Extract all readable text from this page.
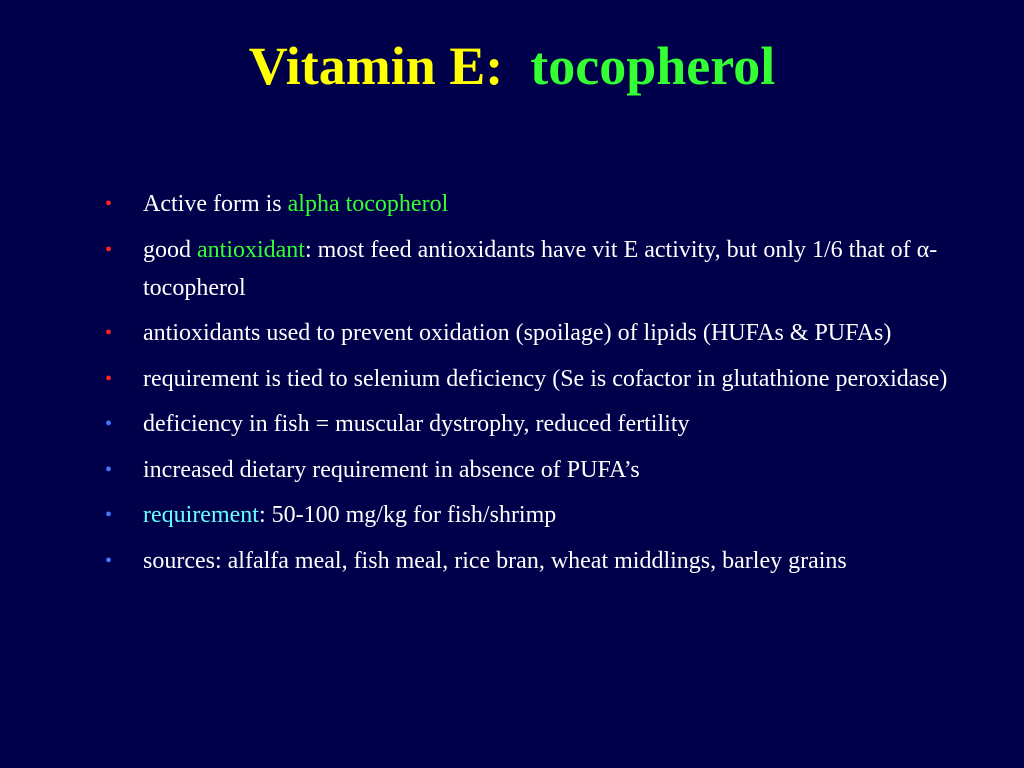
Vitamin E: tocopherol
• Active form is alpha tocopherol
• good antioxidant: most feed antioxidants have vit E activity, but only 1/6 that of α-tocopherol
• antioxidants used to prevent oxidation (spoilage) of lipids (HUFAs & PUFAs)
• requirement is tied to selenium deficiency (Se is cofactor in glutathione peroxidase)
• deficiency in fish = muscular dystrophy, reduced fertility
• increased dietary requirement in absence of PUFA’s
• requirement: 50-100 mg/kg for fish/shrimp
• sources: alfalfa meal, fish meal, rice bran, wheat middlings, barley grains
